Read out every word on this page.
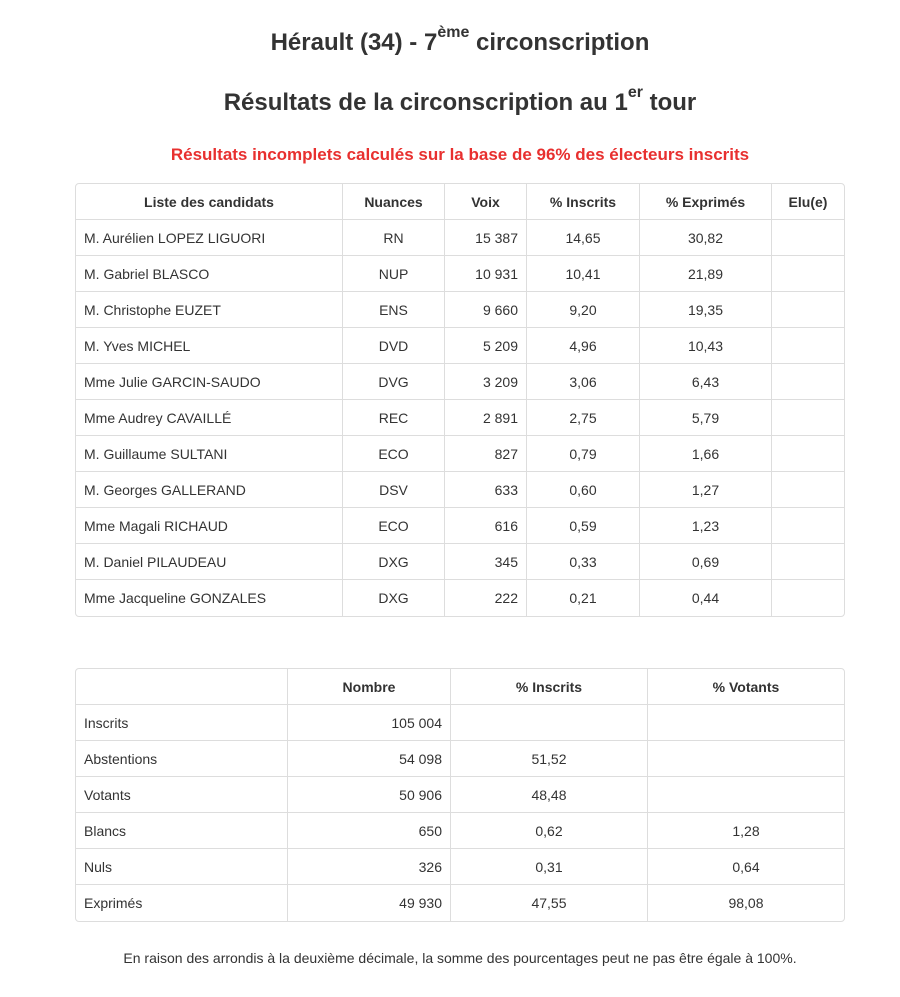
Hérault (34) - 7ème circonscription
Résultats de la circonscription au 1er tour
Résultats incomplets calculés sur la base de 96% des électeurs inscrits
Liste des candidats	Nuances	Voix	% Inscrits	% Exprimés	Elu(e)
M. Aurélien LOPEZ LIGUORI	RN	15 387	14,65	30,82	
M. Gabriel BLASCO	NUP	10 931	10,41	21,89	
M. Christophe EUZET	ENS	9 660	9,20	19,35	
M. Yves MICHEL	DVD	5 209	4,96	10,43	
Mme Julie GARCIN-SAUDO	DVG	3 209	3,06	6,43	
Mme Audrey CAVAILLÉ	REC	2 891	2,75	5,79	
M. Guillaume SULTANI	ECO	827	0,79	1,66	
M. Georges GALLERAND	DSV	633	0,60	1,27	
Mme Magali RICHAUD	ECO	616	0,59	1,23	
M. Daniel PILAUDEAU	DXG	345	0,33	0,69	
Mme Jacqueline GONZALES	DXG	222	0,21	0,44	
	Nombre	% Inscrits	% Votants
Inscrits	105 004		
Abstentions	54 098	51,52	
Votants	50 906	48,48	
Blancs	650	0,62	1,28
Nuls	326	0,31	0,64
Exprimés	49 930	47,55	98,08
En raison des arrondis à la deuxième décimale, la somme des pourcentages peut ne pas être égale à 100%.
